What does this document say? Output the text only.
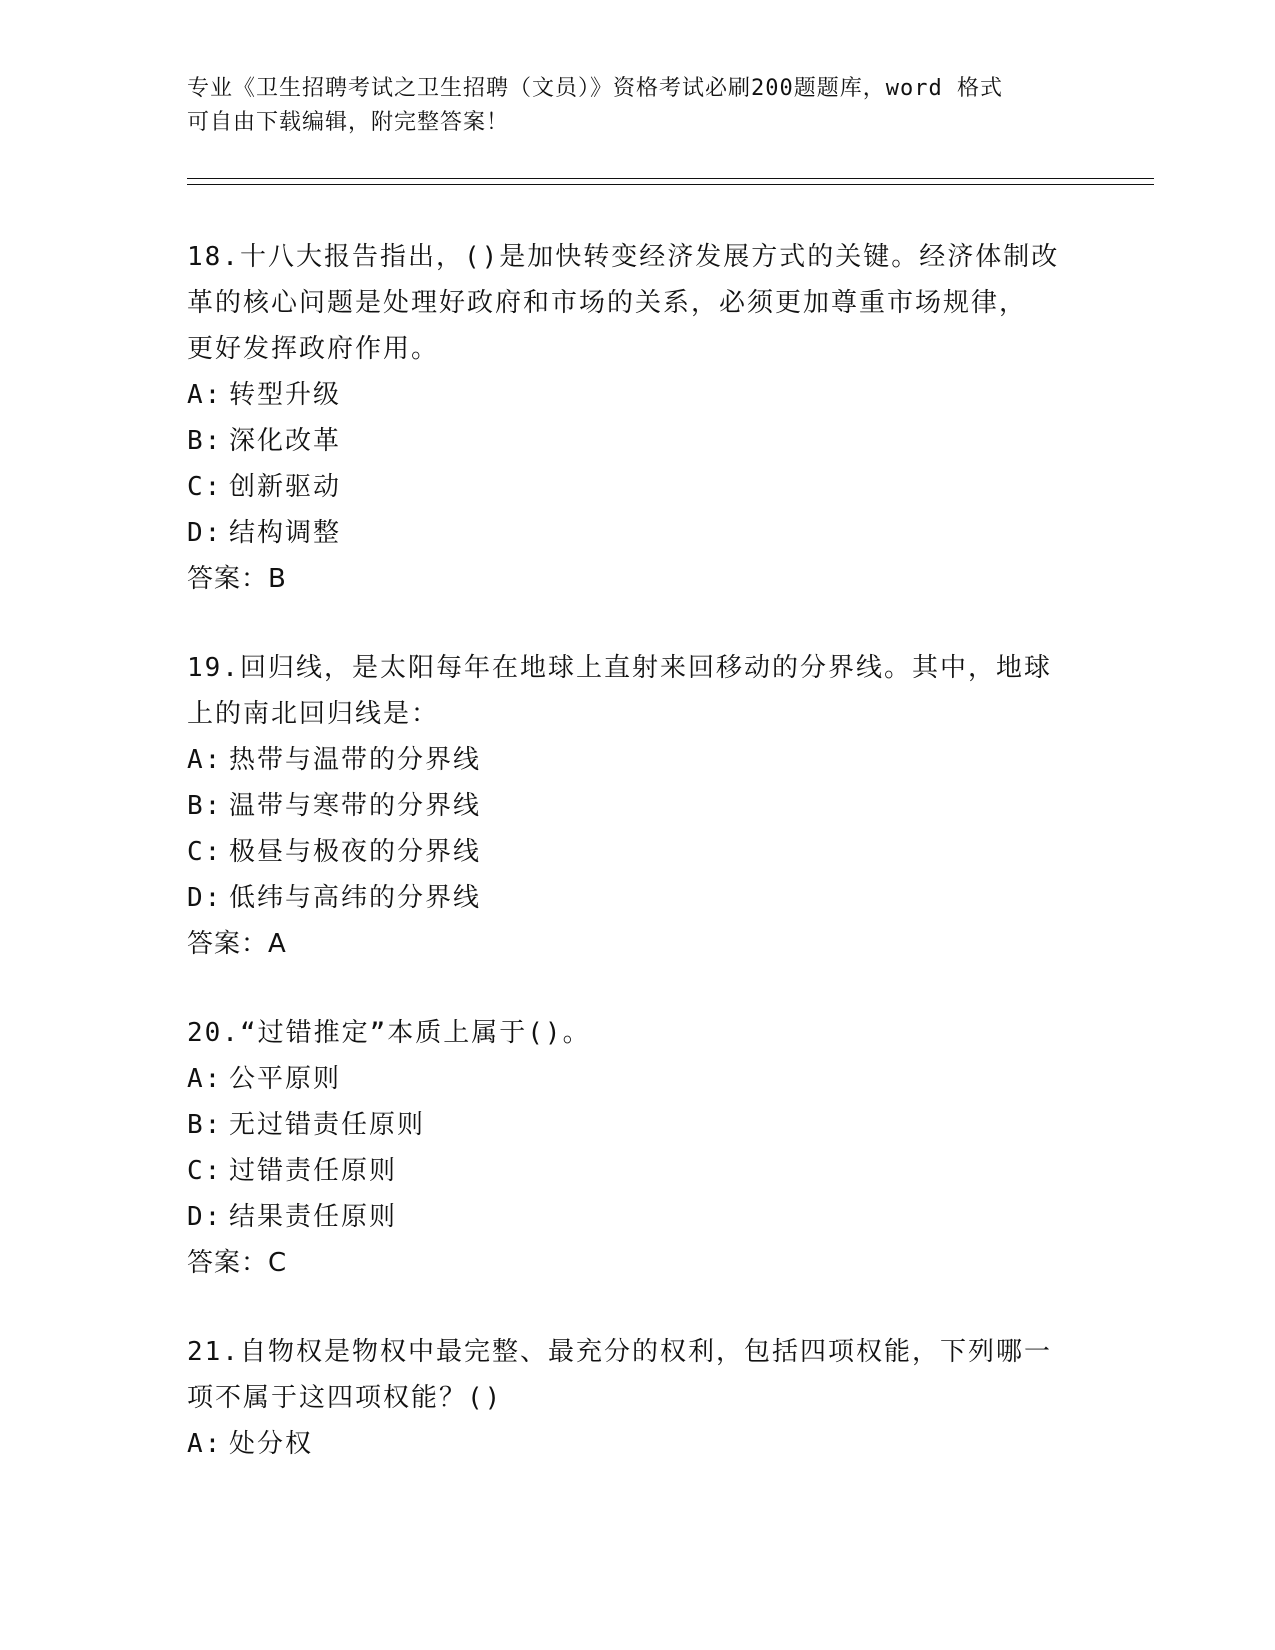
专业《卫生招聘考试之卫生招聘（文员）》资格考试必刷200题题库，word 格式
可自由下载编辑，附完整答案！
18.十八大报告指出，()是加快转变经济发展方式的关键。经济体制改
革的核心问题是处理好政府和市场的关系，必须更加尊重市场规律，
更好发挥政府作用。
A: 转型升级
B: 深化改革
C: 创新驱动
D: 结构调整
答案：B
19.回归线，是太阳每年在地球上直射来回移动的分界线。其中，地球
上的南北回归线是：
A: 热带与温带的分界线
B: 温带与寒带的分界线
C: 极昼与极夜的分界线
D: 低纬与高纬的分界线
答案：A
20.“过错推定”本质上属于()。
A: 公平原则
B: 无过错责任原则
C: 过错责任原则
D: 结果责任原则
答案：C
21.自物权是物权中最完整、最充分的权利，包括四项权能，下列哪一
项不属于这四项权能？()
A: 处分权
